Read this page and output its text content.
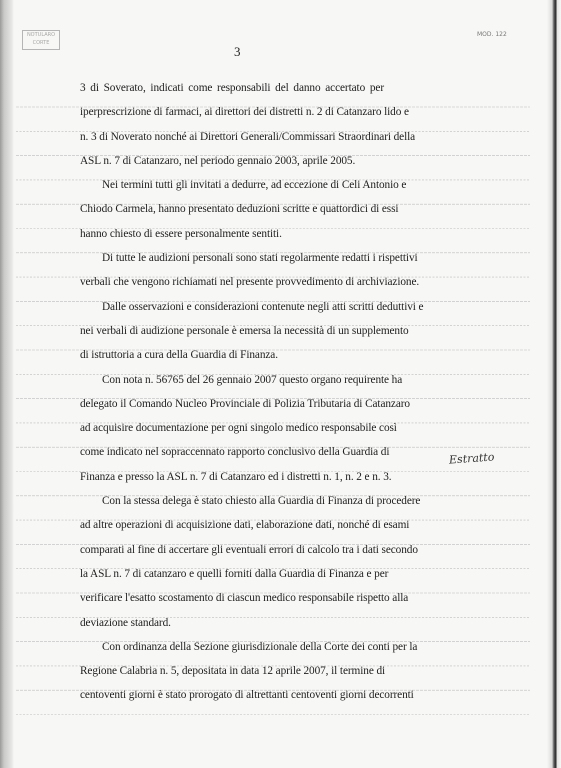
NOTULARO
CORTE
MOD. 122
3
3 di Soverato, indicati come responsabili del danno accertato per
iperprescrizione di farmaci, ai direttori dei distretti n. 2 di Catanzaro lido e
n. 3 di Noverato nonché ai Direttori Generali/Commissari Straordinari della
ASL n. 7 di Catanzaro, nel periodo gennaio 2003, aprile 2005.
Nei termini tutti gli invitati a dedurre, ad eccezione di Celi Antonio e
Chiodo Carmela, hanno presentato deduzioni scritte e quattordici di essi
hanno chiesto di essere personalmente sentiti.
Di tutte le audizioni personali sono stati regolarmente redatti i rispettivi
verbali che vengono richiamati nel presente provvedimento di archiviazione.
Dalle osservazioni e considerazioni contenute negli atti scritti deduttivi e
nei verbali di audizione personale è emersa la necessità di un supplemento
di istruttoria a cura della Guardia di Finanza.
Con nota n. 56765 del 26 gennaio 2007 questo organo requirente ha
delegato il Comando Nucleo Provinciale di Polizia Tributaria di Catanzaro
ad acquisire documentazione per ogni singolo medico responsabile così
come indicato nel sopraccennato rapporto conclusivo della Guardia di
Finanza e presso la ASL n. 7 di Catanzaro ed i distretti n. 1, n. 2 e n. 3.
Con la stessa delega è stato chiesto alla Guardia di Finanza di procedere
ad altre operazioni di acquisizione dati, elaborazione dati, nonché di esami
comparati al fine di accertare gli eventuali errori di calcolo tra i dati secondo
la ASL n. 7 di catanzaro e quelli forniti dalla Guardia di Finanza e per
verificare l'esatto scostamento di ciascun medico responsabile rispetto alla
deviazione standard.
Con ordinanza della Sezione giurisdizionale della Corte dei conti per la
Regione Calabria n. 5, depositata in data 12 aprile 2007, il termine di
centoventi giorni è stato prorogato di altrettanti centoventi giorni decorrenti
Estratto
